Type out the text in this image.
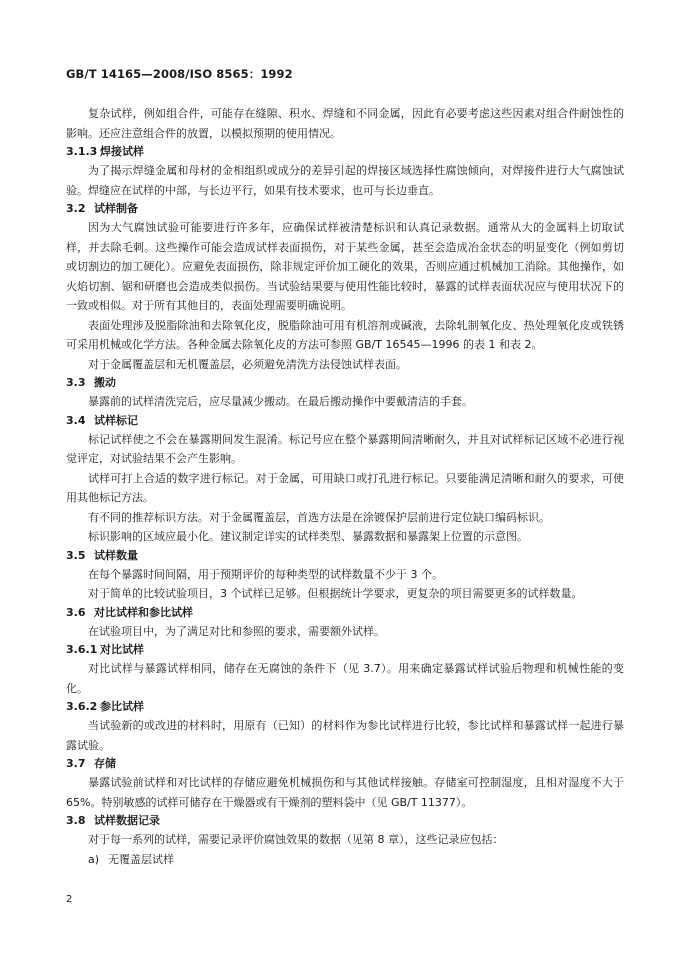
GB/T 14165—2008/ISO 8565：1992

复杂试样，例如组合件，可能存在缝隙、积水、焊缝和不同金属，因此有必要考虑这些因素对组合件耐蚀性的影响。还应注意组合件的放置，以模拟预期的使用情况。

3.1.3 焊接试样

为了揭示焊缝金属和母材的金相组织或成分的差异引起的焊接区域选择性腐蚀倾向，对焊接件进行大气腐蚀试验。焊缝应在试样的中部，与长边平行，如果有技术要求，也可与长边垂直。

3.2 试样制备

因为大气腐蚀试验可能要进行许多年，应确保试样被清楚标识和认真记录数据。通常从大的金属料上切取试样，并去除毛刺。这些操作可能会造成试样表面损伤，对于某些金属，甚至会造成冶金状态的明显变化（例如剪切或切割边的加工硬化）。应避免表面损伤，除非规定评价加工硬化的效果，否则应通过机械加工消除。其他操作，如火焰切割、锯和研磨也会造成类似损伤。当试验结果要与使用性能比较时，暴露的试样表面状况应与使用状况下的一致或相似。对于所有其他目的，表面处理需要明确说明。

表面处理涉及脱脂除油和去除氧化皮，脱脂除油可用有机溶剂或碱液，去除轧制氧化皮、热处理氧化皮或铁锈可采用机械或化学方法。各种金属去除氧化皮的方法可参照 GB/T 16545—1996 的表 1 和表 2。

对于金属覆盖层和无机覆盖层，必须避免清洗方法侵蚀试样表面。

3.3 搬动

暴露前的试样清洗完后，应尽量减少搬动。在最后搬动操作中要戴清洁的手套。

3.4 试样标记

标记试样使之不会在暴露期间发生混淆。标记号应在整个暴露期间清晰耐久，并且对试样标记区域不必进行视觉评定，对试验结果不会产生影响。

试样可打上合适的数字进行标记。对于金属，可用缺口或打孔进行标记。只要能满足清晰和耐久的要求，可使用其他标记方法。

有不同的推荐标识方法。对于金属覆盖层，首选方法是在涂镀保护层前进行定位缺口编码标识。

标识影响的区域应最小化。建议制定详实的试样类型、暴露数据和暴露架上位置的示意图。

3.5 试样数量

在每个暴露时间间隔，用于预期评价的每种类型的试样数量不少于 3 个。

对于简单的比较试验项目，3 个试样已足够。但根据统计学要求，更复杂的项目需要更多的试样数量。

3.6 对比试样和参比试样

在试验项目中，为了满足对比和参照的要求，需要额外试样。

3.6.1 对比试样

对比试样与暴露试样相同，储存在无腐蚀的条件下（见 3.7）。用来确定暴露试样试验后物理和机械性能的变化。

3.6.2 参比试样

当试验新的或改进的材料时，用原有（已知）的材料作为参比试样进行比较，参比试样和暴露试样一起进行暴露试验。

3.7 存储

暴露试验前试样和对比试样的存储应避免机械损伤和与其他试样接触。存储室可控制湿度，且相对湿度不大于 65%。特别敏感的试样可储存在干燥器或有干燥剂的塑料袋中（见 GB/T 11377）。

3.8 试样数据记录

对于每一系列的试样，需要记录评价腐蚀效果的数据（见第 8 章），这些记录应包括：

a) 无覆盖层试样
2
